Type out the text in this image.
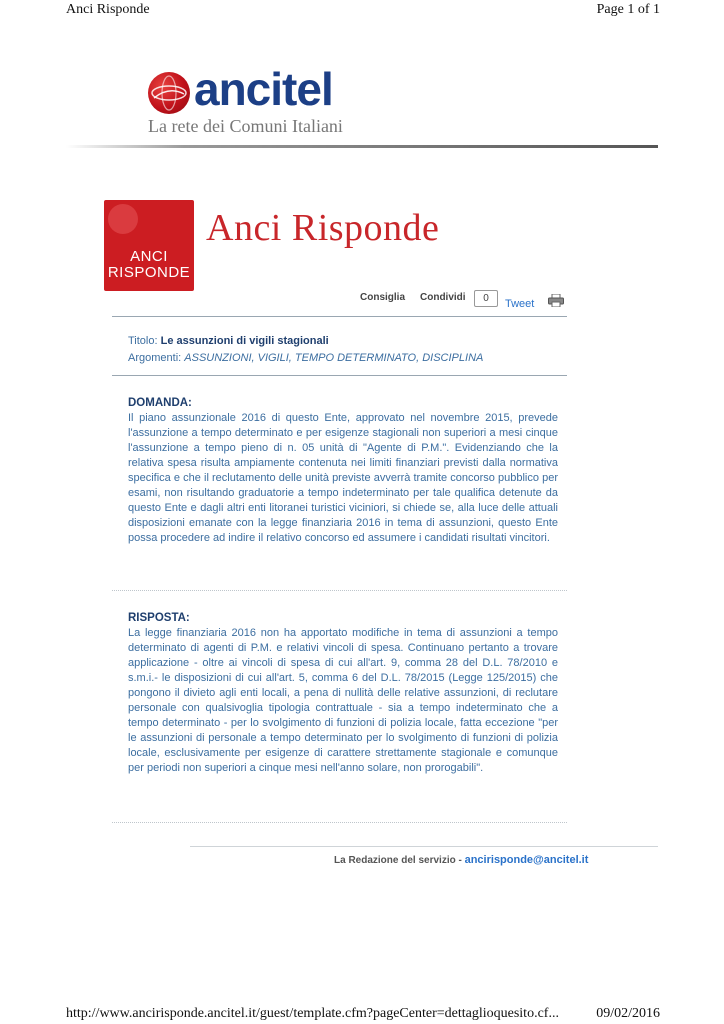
Anci Risponde	Page 1 of 1
ancitel
La rete dei Comuni Italiani
ANCI
RISPONDE
Anci Risponde
Consiglia Condividi	0	Tweet
Titolo: Le assunzioni di vigili stagionali
Argomenti: ASSUNZIONI, VIGILI, TEMPO DETERMINATO, DISCIPLINA
DOMANDA:
Il piano assunzionale 2016 di questo Ente, approvato nel novembre 2015, prevede l'assunzione a tempo determinato e per esigenze stagionali non superiori a mesi cinque l'assunzione a tempo pieno di n. 05 unità di "Agente di P.M.". Evidenziando che la relativa spesa risulta ampiamente contenuta nei limiti finanziari previsti dalla normativa specifica e che il reclutamento delle unità previste avverrà tramite concorso pubblico per esami, non risultando graduatorie a tempo indeterminato per tale qualifica detenute da questo Ente e dagli altri enti litoranei turistici viciniori, si chiede se, alla luce delle attuali disposizioni emanate con la legge finanziaria 2016 in tema di assunzioni, questo Ente possa procedere ad indire il relativo concorso ed assumere i candidati risultati vincitori.
RISPOSTA:
La legge finanziaria 2016 non ha apportato modifiche in tema di assunzioni a tempo determinato di agenti di P.M. e relativi vincoli di spesa. Continuano pertanto a trovare applicazione - oltre ai vincoli di spesa di cui all'art. 9, comma 28 del D.L. 78/2010 e s.m.i.- le disposizioni di cui all'art. 5, comma 6 del D.L. 78/2015 (Legge 125/2015) che pongono il divieto agli enti locali, a pena di nullità delle relative assunzioni, di reclutare personale con qualsivoglia tipologia contrattuale - sia a tempo indeterminato che a tempo determinato - per lo svolgimento di funzioni di polizia locale, fatta eccezione "per le assunzioni di personale a tempo determinato per lo svolgimento di funzioni di polizia locale, esclusivamente per esigenze di carattere strettamente stagionale e comunque per periodi non superiori a cinque mesi nell'anno solare, non prorogabili".
La Redazione del servizio - ancirisponde@ancitel.it
http://www.ancirisponde.ancitel.it/guest/template.cfm?pageCenter=dettaglioquesito.cf...	09/02/2016
